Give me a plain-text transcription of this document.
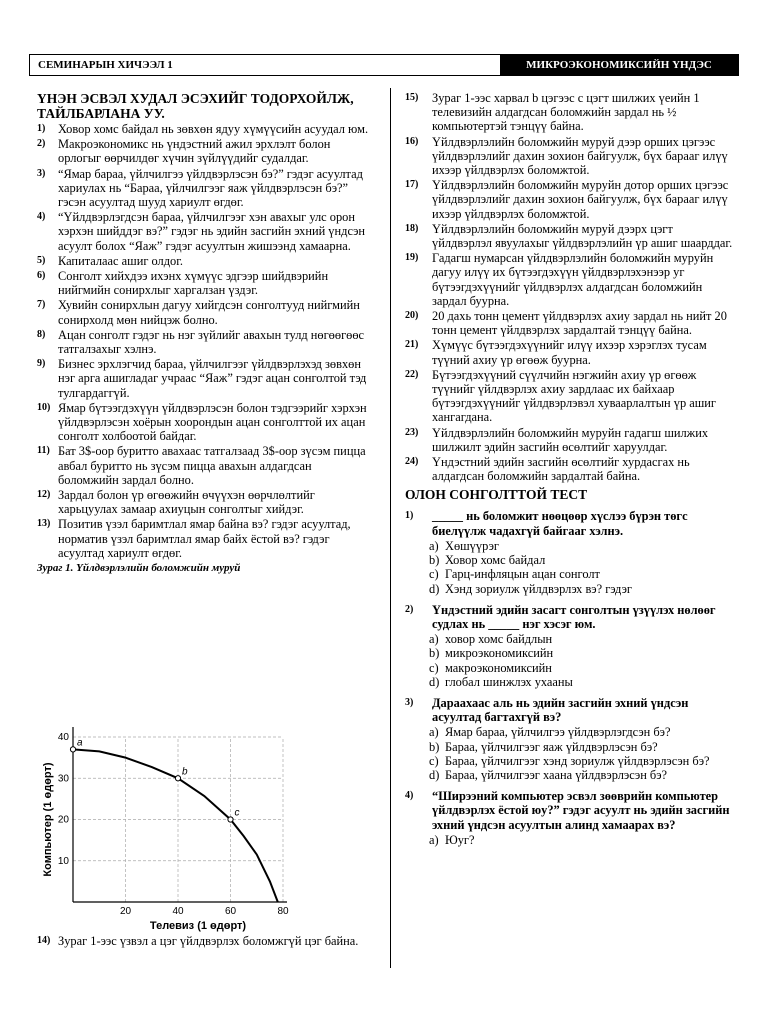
СЕМИНАРЫН ХИЧЭЭЛ 1	МИКРОЭКОНОМИКСИЙН ҮНДЭС
ҮНЭН ЭСВЭЛ ХУДАЛ ЭСЭХИЙГ ТОДОРХОЙЛЖ, ТАЙЛБАРЛАНА УУ.
1)	Ховор хомс байдал нь зөвхөн ядуу хүмүүсийн асуудал юм.
2)	Макроэкономикс нь үндэстний ажил эрхлэлт болон орлогыг өөрчилдөг хүчин зүйлүүдийг судалдаг.
3)	“Ямар бараа, үйлчилгээ үйлдвэрлэсэн бэ?” гэдэг асуултад хариулах нь “Бараа, үйлчилгээг яаж үйлдвэрлэсэн бэ?” гэсэн асуултад шууд хариулт өгдөг.
4)	“Үйлдвэрлэгдсэн бараа, үйлчилгээг хэн авахыг улс орон хэрхэн шийддэг вэ?” гэдэг нь эдийн засгийн эхний үндсэн асуулт болох “Яаж” гэдэг асуултын жишээнд хамаарна.
5)	Капиталаас ашиг олдог.
6)	Сонголт хийхдээ ихэнх хүмүүс эдгээр шийдвэрийн нийгмийн сонирхлыг харгалзан үздэг.
7)	Хувийн сонирхлын дагуу хийгдсэн сонголтууд нийгмийн сонирхолд мөн нийцэж болно.
8)	Ацан сонголт гэдэг нь нэг зүйлийг авахын тулд нөгөөгөөс татгалзахыг хэлнэ.
9)	Бизнес эрхлэгчид бараа, үйлчилгээг үйлдвэрлэхэд зөвхөн нэг арга ашигладаг учраас “Яаж” гэдэг ацан сонголтой тэд тулгардаггүй.
10) Ямар бүтээгдэхүүн үйлдвэрлэсэн болон тэдгээрийг хэрхэн үйлдвэрлэсэн хоёрын хоорондын ацан сонголттой их ацан сонголт холбоотой байдаг.
11) Бат 3$-оор буритто авахаас татгалзаад 3$-оор зүсэм пицца авбал буритто нь зүсэм пицца авахын алдагдсан боломжийн зардал болно.
12) Зардал болон үр өгөөжийн өчүүхэн өөрчлөлтийг харьцуулах замаар ахиуцын сонголтыг хийдэг.
13) Позитив үзэл баримтлал ямар байна вэ? гэдэг асуултад, норматив үзэл баримтлал ямар байх ёстой вэ? гэдэг асуултад хариулт өгдөг.
Зураг 1. Үйлдвэрлэлийн боломжийн муруй
20	40	60	80
10
20
30
40 a
b
c
Телевиз (1 өдөрт)
Компьютер (1 өдөрт)
14) Зураг 1-ээс үзвэл a цэг үйлдвэрлэх боломжгүй цэг байна.
15)	Зураг 1-ээс харвал b цэгээс c цэгт шилжих үеийн 1 телевизийн алдагдсан боломжийн зардал нь ½ компьютертэй тэнцүү байна.
16)	Үйлдвэрлэлийн боломжийн муруй дээр орших цэгээс үйлдвэрлэлийг дахин зохион байгуулж, бүх барааг илүү ихээр үйлдвэрлэх боломжтой.
17)	Үйлдвэрлэлийн боломжийн муруйн дотор орших цэгээс үйлдвэрлэлийг дахин зохион байгуулж, бүх барааг илүү ихээр үйлдвэрлэх боломжтой.
18)	Үйлдвэрлэлийн боломжийн муруй дээрх цэгт үйлдвэрлэл явуулахыг үйлдвэрлэлийн үр ашиг шаарддаг.
19)	Гадагш нумарсан үйлдвэрлэлийн боломжийн муруйн дагуу илүү их бүтээгдэхүүн үйлдвэрлэхэнээр уг бүтээгдэхүүнийг үйлдвэрлэх алдагдсан боломжийн зардал буурна.
20)	20 дахь тонн цемент үйлдвэрлэх ахиу зардал нь нийт 20 тонн цемент үйлдвэрлэх зардалтай тэнцүү байна.
21)	Хүмүүс бүтээгдэхүүнийг илүү ихээр хэрэглэх тусам түүний ахиу үр өгөөж буурна.
22)	Бүтээгдэхүүний сүүлчийн нэгжийн ахиу үр өгөөж түүнийг үйлдвэрлэх ахиу зардлаас их байхаар бүтээгдэхүүнийг үйлдвэрлэвэл хуваарлалтын үр ашиг хангагдана.
23)	Үйлдвэрлэлийн боломжийн муруйн гадагш шилжих шилжилт эдийн засгийн өсөлтийг харуулдаг.
24)	Үндэстний эдийн засгийн өсөлтийг хурдасгах нь алдагдсан боломжийн зардалтай байна.
ОЛОН СОНГОЛТТОЙ ТЕСТ
1)	_____ нь боломжит нөөцөөр хүслээ бүрэн төгс биелүүлж чадахгүй байгааг хэлнэ.
a) Хөшүүрэг
b) Ховор хомс байдал
c) Гарц-инфляцын ацан сонголт
d) Хэнд зориулж үйлдвэрлэх вэ? гэдэг
2)	Үндэстний эдийн засагт сонголтын үзүүлэх нөлөөг судлах нь _____ нэг хэсэг юм.
a) ховор хомс байдлын
b) микроэкономиксийн
c) макроэкономиксийн
d) глобал шинжлэх ухааны
3)	Дараахаас аль нь эдийн засгийн эхний үндсэн асуултад багтахгүй вэ?
a) Ямар бараа, үйлчилгээ үйлдвэрлэгдсэн бэ?
b) Бараа, үйлчилгээг яаж үйлдвэрлэсэн бэ?
c) Бараа, үйлчилгээг хэнд зориулж үйлдвэрлэсэн бэ?
d) Бараа, үйлчилгээг хаана үйлдвэрлэсэн бэ?
4)	“Ширээний компьютер эсвэл зөөврийн компьютер үйлдвэрлэх ёстой юу?” гэдэг асуулт нь эдийн засгийн эхний үндсэн асуултын алинд хамаарах вэ?
a) Юуг?
